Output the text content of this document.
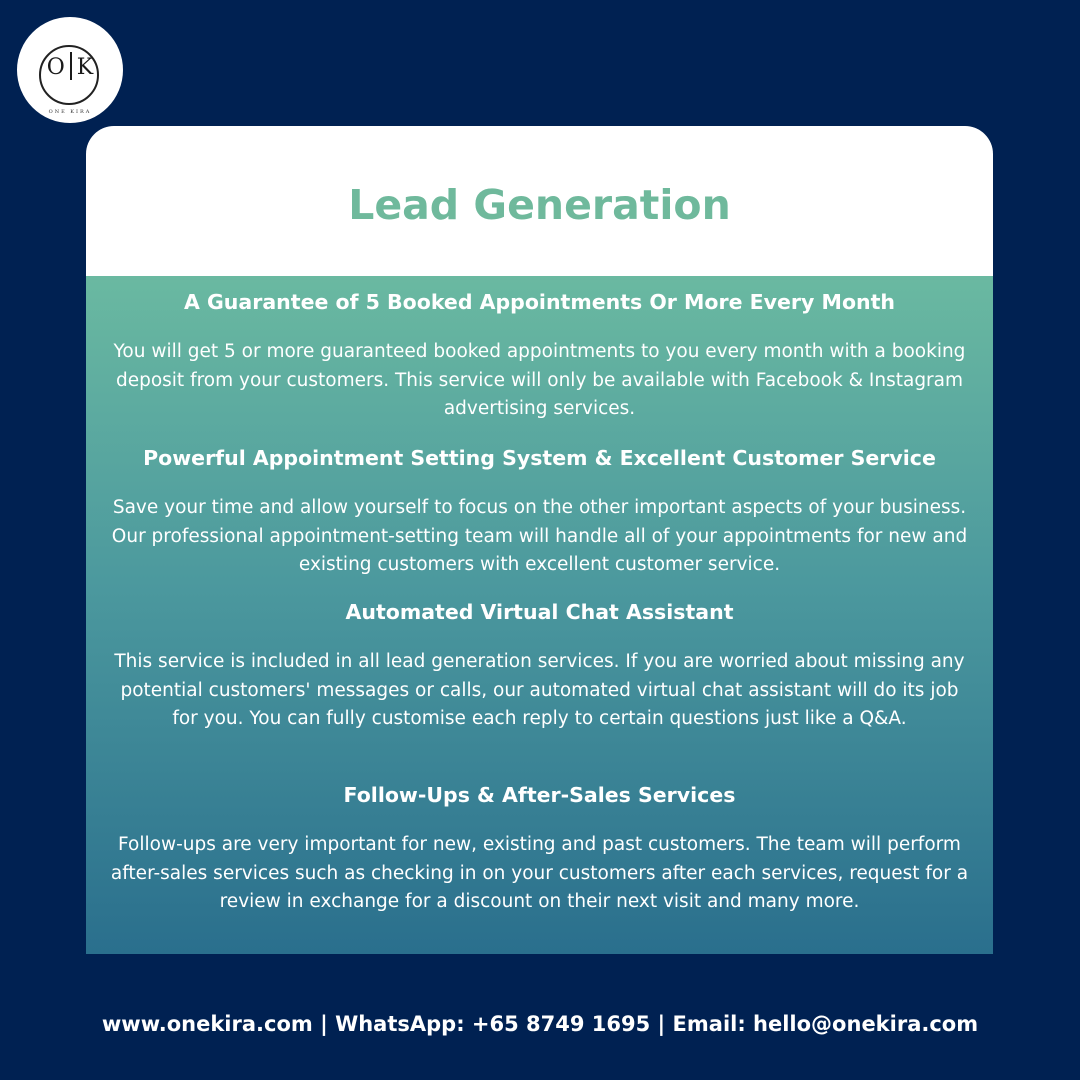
O K
ONE KIRA
Lead Generation
A Guarantee of 5 Booked Appointments Or More Every Month
You will get 5 or more guaranteed booked appointments to you every month with a booking deposit from your customers. This service will only be available with Facebook & Instagram advertising services.
Powerful Appointment Setting System & Excellent Customer Service
Save your time and allow yourself to focus on the other important aspects of your business. Our professional appointment-setting team will handle all of your appointments for new and existing customers with excellent customer service.
Automated Virtual Chat Assistant
This service is included in all lead generation services. If you are worried about missing any potential customers' messages or calls, our automated virtual chat assistant will do its job for you. You can fully customise each reply to certain questions just like a Q&A.
Follow-Ups & After-Sales Services
Follow-ups are very important for new, existing and past customers. The team will perform after-sales services such as checking in on your customers after each services, request for a review in exchange for a discount on their next visit and many more.
www.onekira.com | WhatsApp: +65 8749 1695 | Email: hello@onekira.com
